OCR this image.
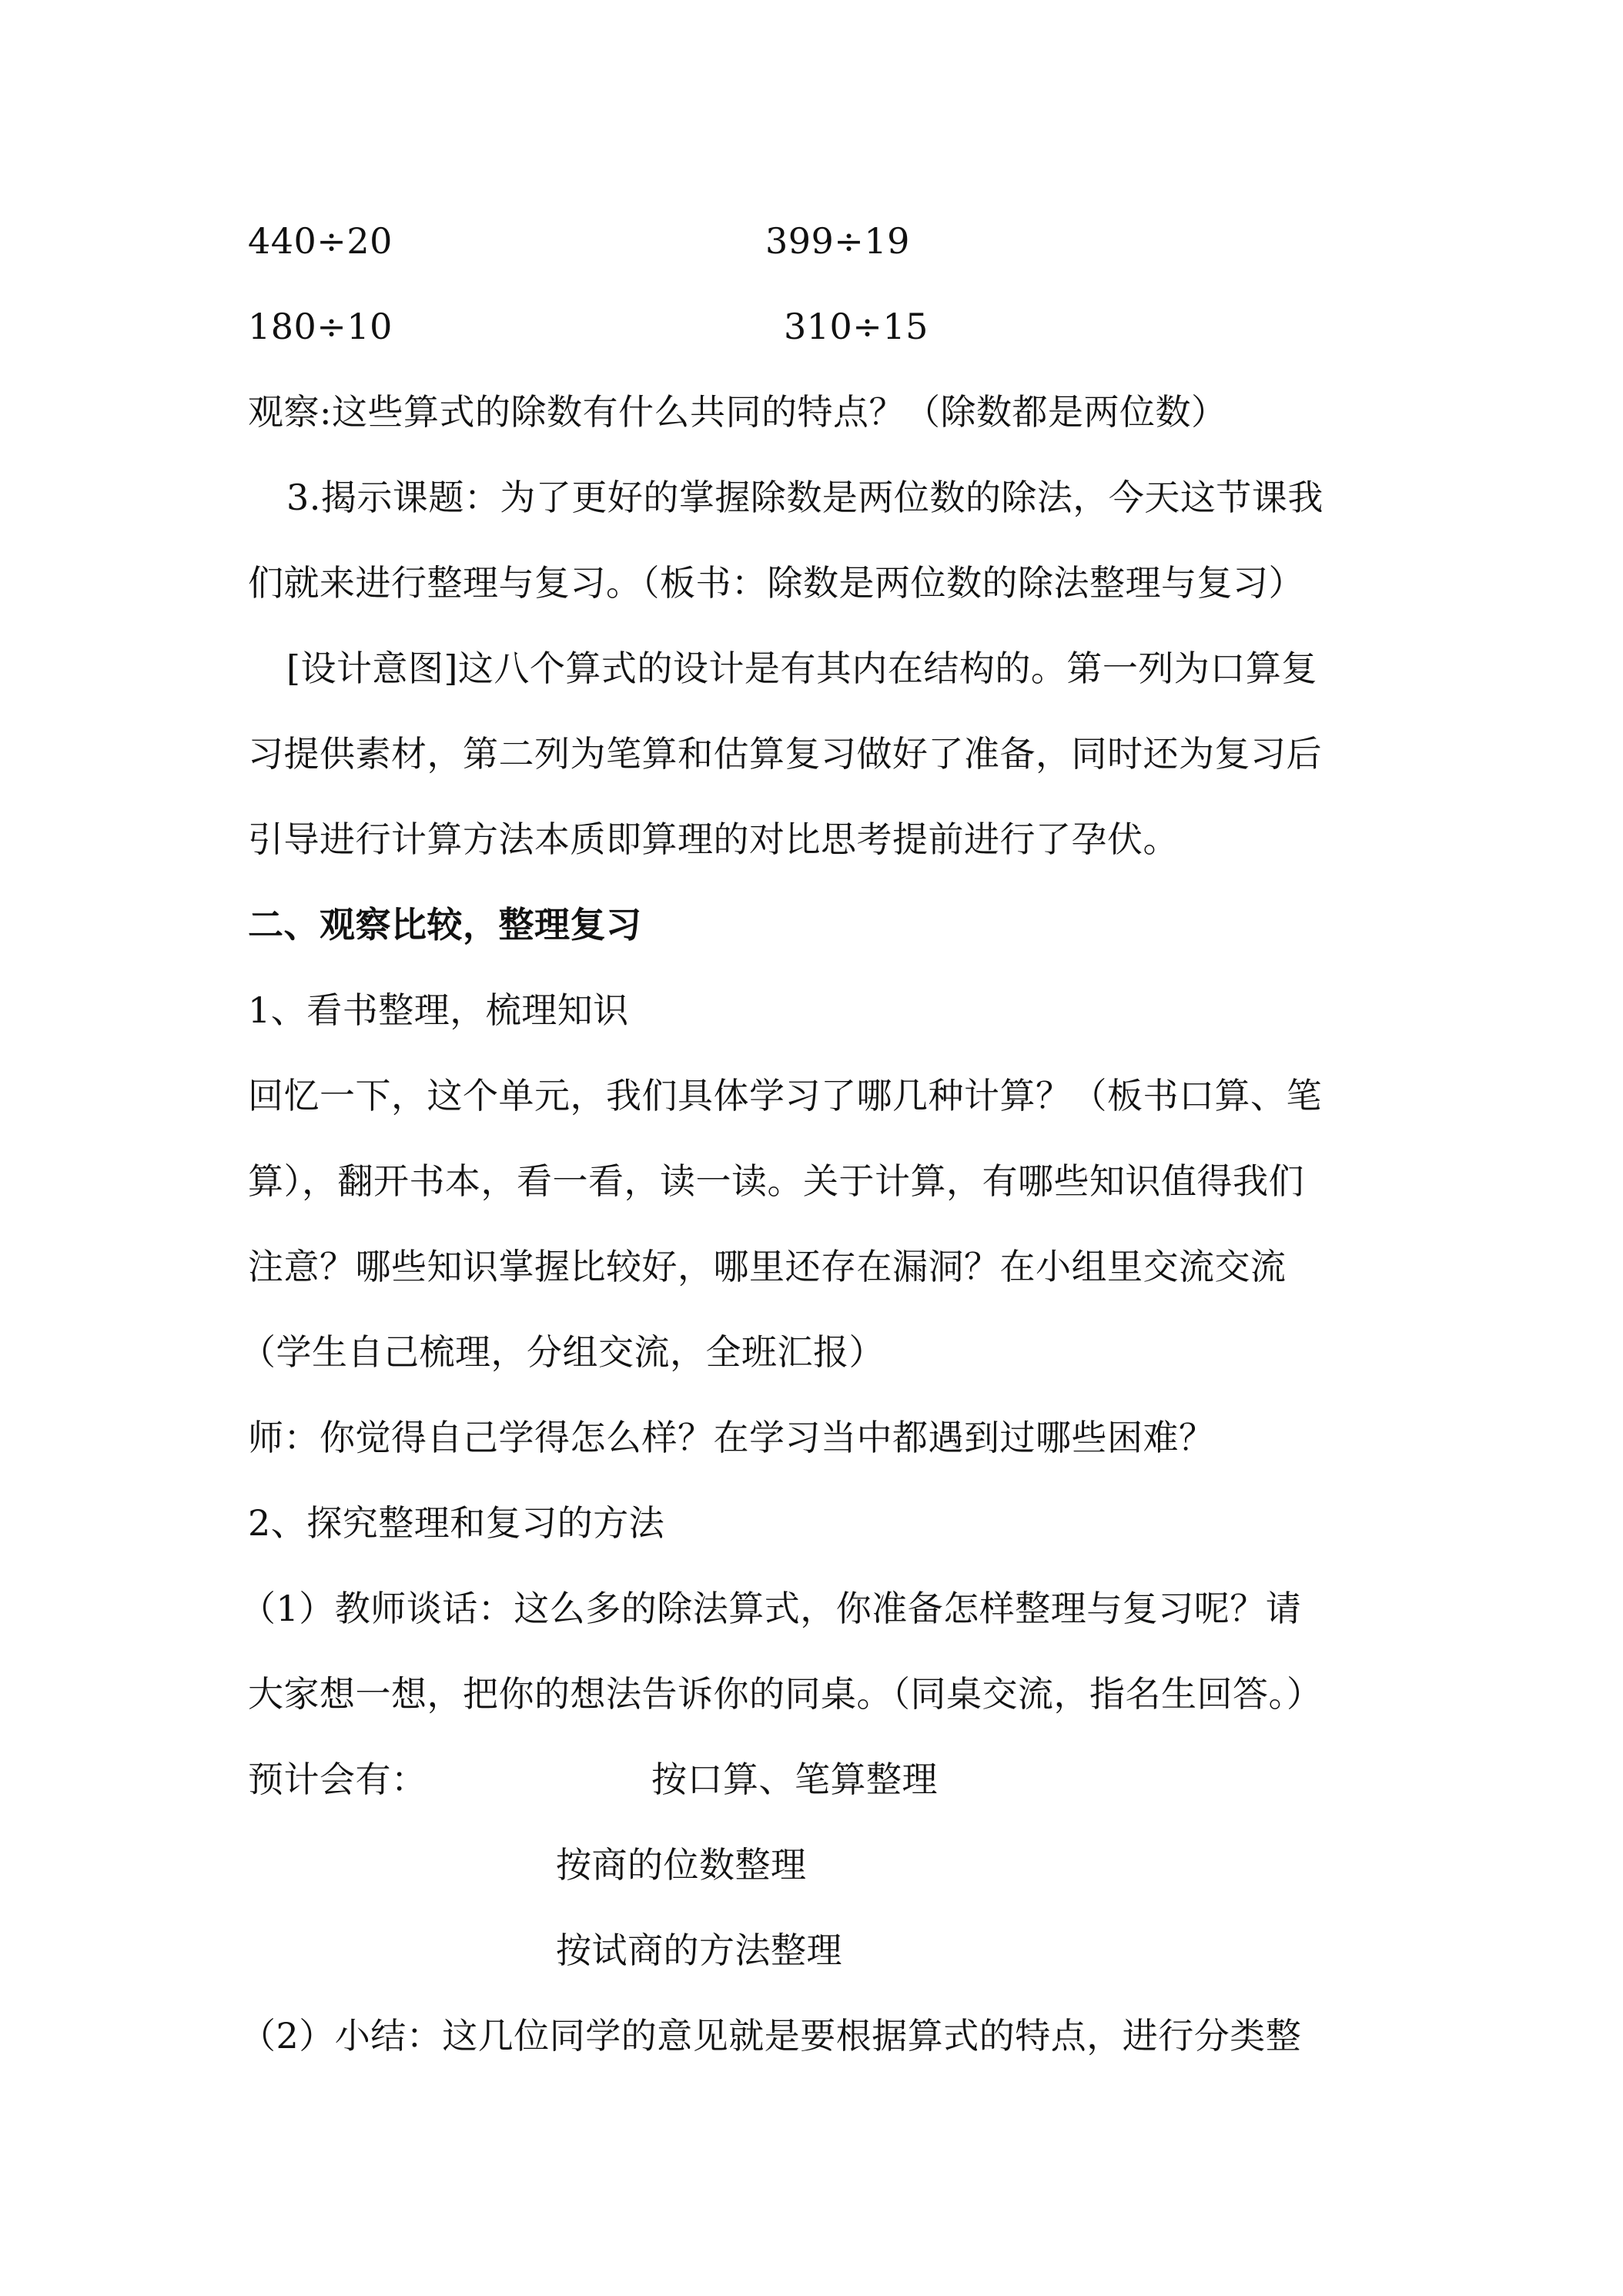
440÷20	399÷19
180÷10	310÷15
观察:这些算式的除数有什么共同的特点？（除数都是两位数）
3.揭示课题：为了更好的掌握除数是两位数的除法，今天这节课我
们就来进行整理与复习。（板书：除数是两位数的除法整理与复习）
[设计意图]这八个算式的设计是有其内在结构的。第一列为口算复
习提供素材，第二列为笔算和估算复习做好了准备，同时还为复习后
引导进行计算方法本质即算理的对比思考提前进行了孕伏。
二、观察比较，整理复习
1、看书整理，梳理知识
回忆一下，这个单元，我们具体学习了哪几种计算？（板书口算、笔
算），翻开书本，看一看，读一读。关于计算，有哪些知识值得我们
注意？哪些知识掌握比较好，哪里还存在漏洞？在小组里交流交流
（学生自己梳理，分组交流，全班汇报）
师：你觉得自己学得怎么样？在学习当中都遇到过哪些困难？
2、探究整理和复习的方法
（1）教师谈话：这么多的除法算式，你准备怎样整理与复习呢？请
大家想一想，把你的想法告诉你的同桌。（同桌交流，指名生回答。）
预计会有：	按口算、笔算整理
按商的位数整理
按试商的方法整理
（2）小结：这几位同学的意见就是要根据算式的特点，进行分类整
